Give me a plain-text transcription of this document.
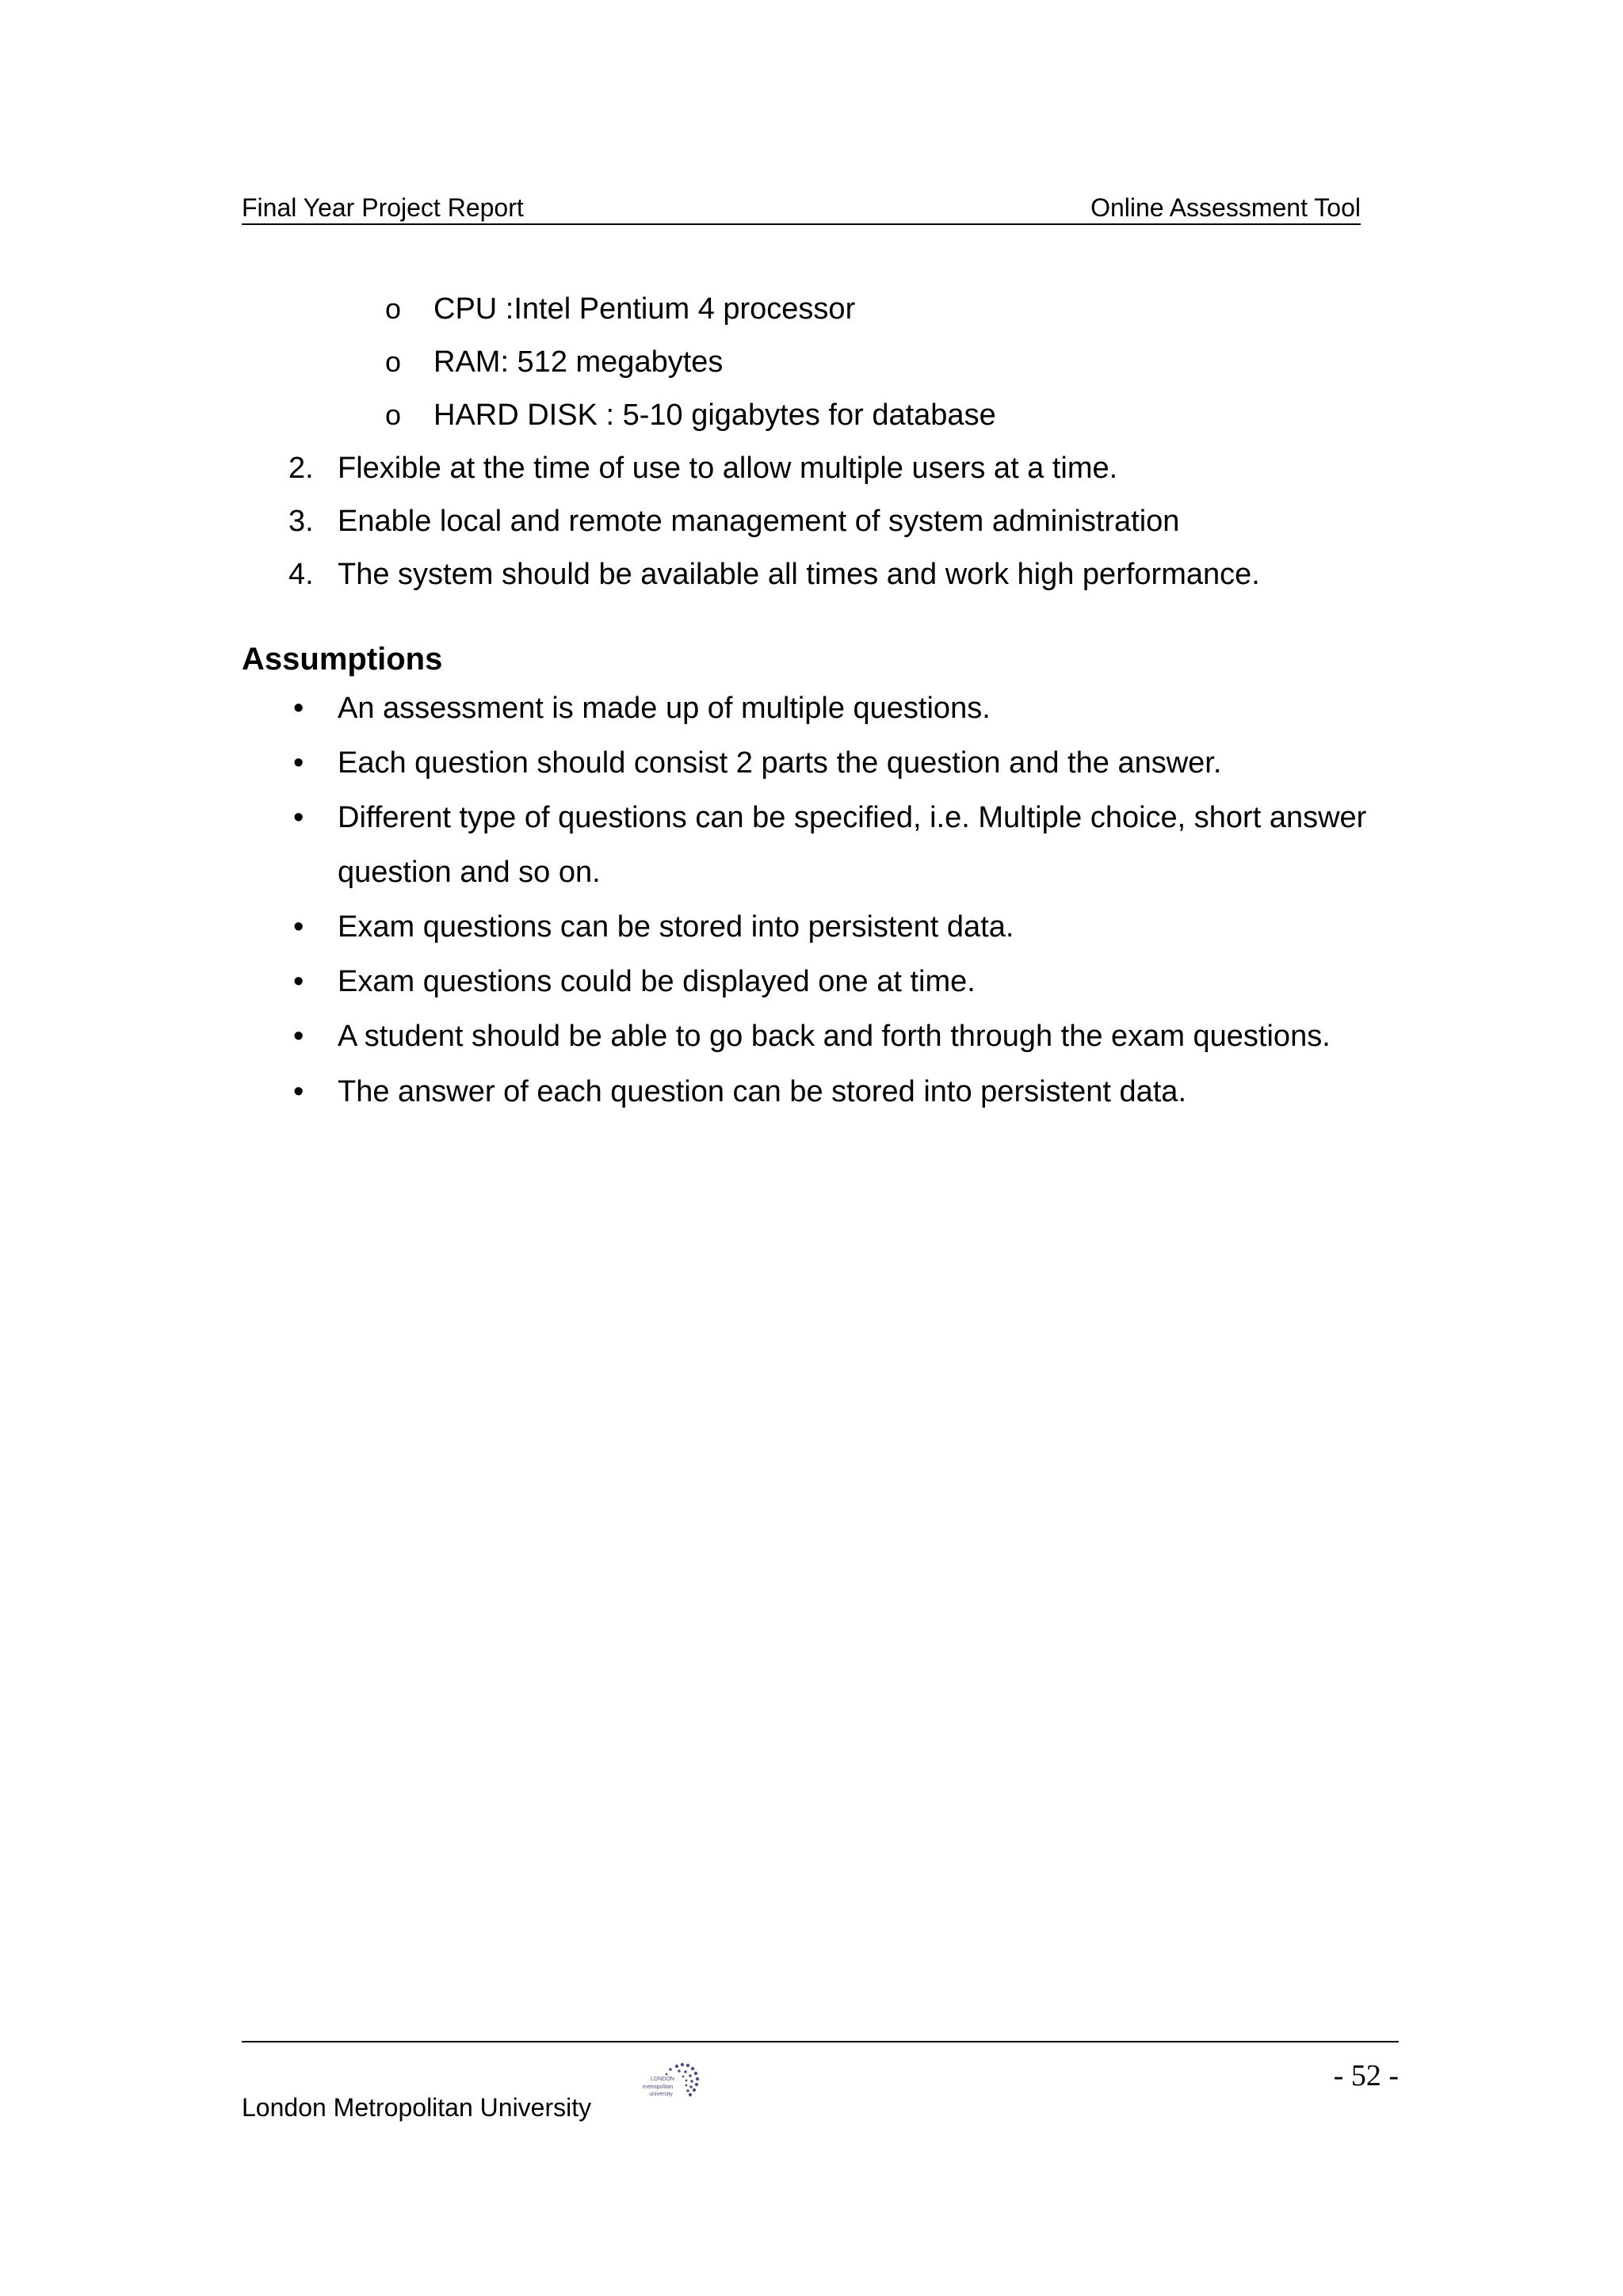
Final Year Project Report	Online Assessment Tool
o CPU :Intel Pentium 4 processor
o RAM: 512 megabytes
o HARD DISK : 5-10 gigabytes for database
2. Flexible at the time of use to allow multiple users at a time.
3. Enable local and remote management of system administration
4. The system should be available all times and work high performance.
Assumptions
• An assessment is made up of multiple questions.
• Each question should consist 2 parts the question and the answer.
• Different type of questions can be specified, i.e. Multiple choice, short answer
question and so on.
• Exam questions can be stored into persistent data.
• Exam questions could be displayed one at time.
• A student should be able to go back and forth through the exam questions.
• The answer of each question can be stored into persistent data.
- 52 -
London Metropolitan University
LONDON
metropolitan
university
